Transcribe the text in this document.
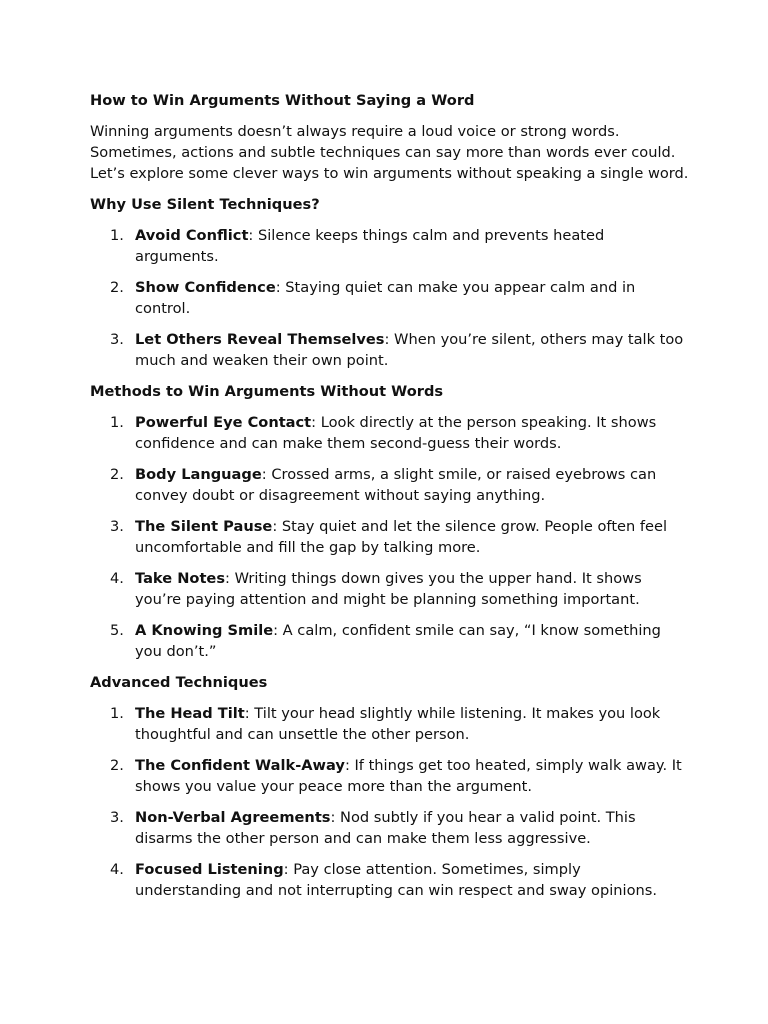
How to Win Arguments Without Saying a Word

Winning arguments doesn’t always require a loud voice or strong words. Sometimes, actions and subtle techniques can say more than words ever could. Let’s explore some clever ways to win arguments without speaking a single word.

Why Use Silent Techniques?
1. Avoid Conflict: Silence keeps things calm and prevents heated arguments.
2. Show Confidence: Staying quiet can make you appear calm and in control.
3. Let Others Reveal Themselves: When you’re silent, others may talk too much and weaken their own point.
Methods to Win Arguments Without Words
1. Powerful Eye Contact: Look directly at the person speaking. It shows confidence and can make them second-guess their words.
2. Body Language: Crossed arms, a slight smile, or raised eyebrows can convey doubt or disagreement without saying anything.
3. The Silent Pause: Stay quiet and let the silence grow. People often feel uncomfortable and fill the gap by talking more.
4. Take Notes: Writing things down gives you the upper hand. It shows you’re paying attention and might be planning something important.
5. A Knowing Smile: A calm, confident smile can say, “I know something you don’t.”
Advanced Techniques
1. The Head Tilt: Tilt your head slightly while listening. It makes you look thoughtful and can unsettle the other person.
2. The Confident Walk-Away: If things get too heated, simply walk away. It shows you value your peace more than the argument.
3. Non-Verbal Agreements: Nod subtly if you hear a valid point. This disarms the other person and can make them less aggressive.
4. Focused Listening: Pay close attention. Sometimes, simply understanding and not interrupting can win respect and sway opinions.
